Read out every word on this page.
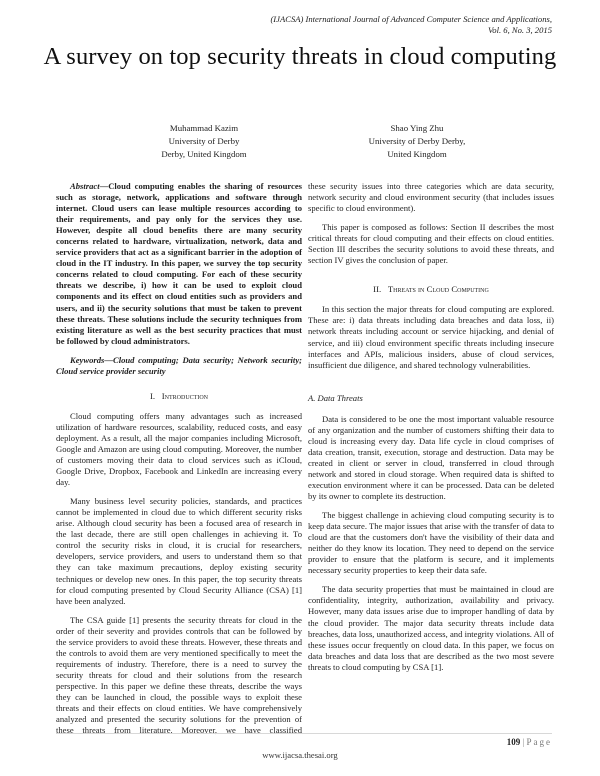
(IJACSA) International Journal of Advanced Computer Science and Applications,
Vol. 6, No. 3, 2015
A survey on top security threats in cloud computing
Muhammad Kazim
University of Derby
Derby, United Kingdom
Shao Ying Zhu
University of Derby Derby,
United Kingdom

Abstract—Cloud computing enables the sharing of resources such as storage, network, applications and software through internet. Cloud users can lease multiple resources according to their requirements, and pay only for the services they use. However, despite all cloud benefits there are many security concerns related to hardware, virtualization, network, data and service providers that act as a significant barrier in the adoption of cloud in the IT industry. In this paper, we survey the top security concerns related to cloud computing. For each of these security threats we describe, i) how it can be used to exploit cloud components and its effect on cloud entities such as providers and users, and ii) the security solutions that must be taken to prevent these threats. These solutions include the security techniques from existing literature as well as the best security practices that must be followed by cloud administrators.

Keywords—Cloud computing; Data security; Network security; Cloud service provider security

I. Introduction

Cloud computing offers many advantages such as increased utilization of hardware resources, scalability, reduced costs, and easy deployment. As a result, all the major companies including Microsoft, Google and Amazon are using cloud computing. Moreover, the number of customers moving their data to cloud services such as iCloud, Google Drive, Dropbox, Facebook and LinkedIn are increasing every day.

Many business level security policies, standards, and practices cannot be implemented in cloud due to which different security risks arise. Although cloud security has been a focused area of research in the last decade, there are still open challenges in achieving it. To control the security risks in cloud, it is crucial for researchers, developers, service providers, and users to understand them so that they can take maximum precautions, deploy existing security techniques or develop new ones. In this paper, the top security threats for cloud computing presented by Cloud Security Alliance (CSA) [1] have been analyzed.

The CSA guide [1] presents the security threats for cloud in the order of their severity and provides controls that can be followed by the service providers to avoid these threats. However, these threats and the controls to avoid them are very mentioned specifically to meet the requirements of industry. Therefore, there is a need to survey the security threats for cloud and their solutions from the research perspective. In this paper we define these threats, describe the ways they can be launched in cloud, the possible ways to exploit these threats and their effects on cloud entities. We have comprehensively analyzed and presented the security solutions for the prevention of these threats from literature. Moreover, we have classified

these security issues into three categories which are data security, network security and cloud environment security (that includes issues specific to cloud environment).

This paper is composed as follows: Section II describes the most critical threats for cloud computing and their effects on cloud entities. Section III describes the security solutions to avoid these threats, and section IV gives the conclusion of paper.

II. Threats in Cloud Computing

In this section the major threats for cloud computing are explored. These are: i) data threats including data breaches and data loss, ii) network threats including account or service hijacking, and denial of service, and iii) cloud environment specific threats including insecure interfaces and APIs, malicious insiders, abuse of cloud services, insufficient due diligence, and shared technology vulnerabilities.

A. Data Threats

Data is considered to be one the most important valuable resource of any organization and the number of customers shifting their data to cloud is increasing every day. Data life cycle in cloud comprises of data creation, transit, execution, storage and destruction. Data may be created in client or server in cloud, transferred in cloud through network and stored in cloud storage. When required data is shifted to execution environment where it can be processed. Data can be deleted by its owner to complete its destruction.

The biggest challenge in achieving cloud computing security is to keep data secure. The major issues that arise with the transfer of data to cloud are that the customers don't have the visibility of their data and neither do they know its location. They need to depend on the service provider to ensure that the platform is secure, and it implements necessary security properties to keep their data safe.

The data security properties that must be maintained in cloud are confidentiality, integrity, authorization, availability and privacy. However, many data issues arise due to improper handling of data by the cloud provider. The major data security threats include data breaches, data loss, unauthorized access, and integrity violations. All of these issues occur frequently on cloud data. In this paper, we focus on data breaches and data loss that are described as the two most severe threats to cloud computing by CSA [1].

109 | Page
www.ijacsa.thesai.org
